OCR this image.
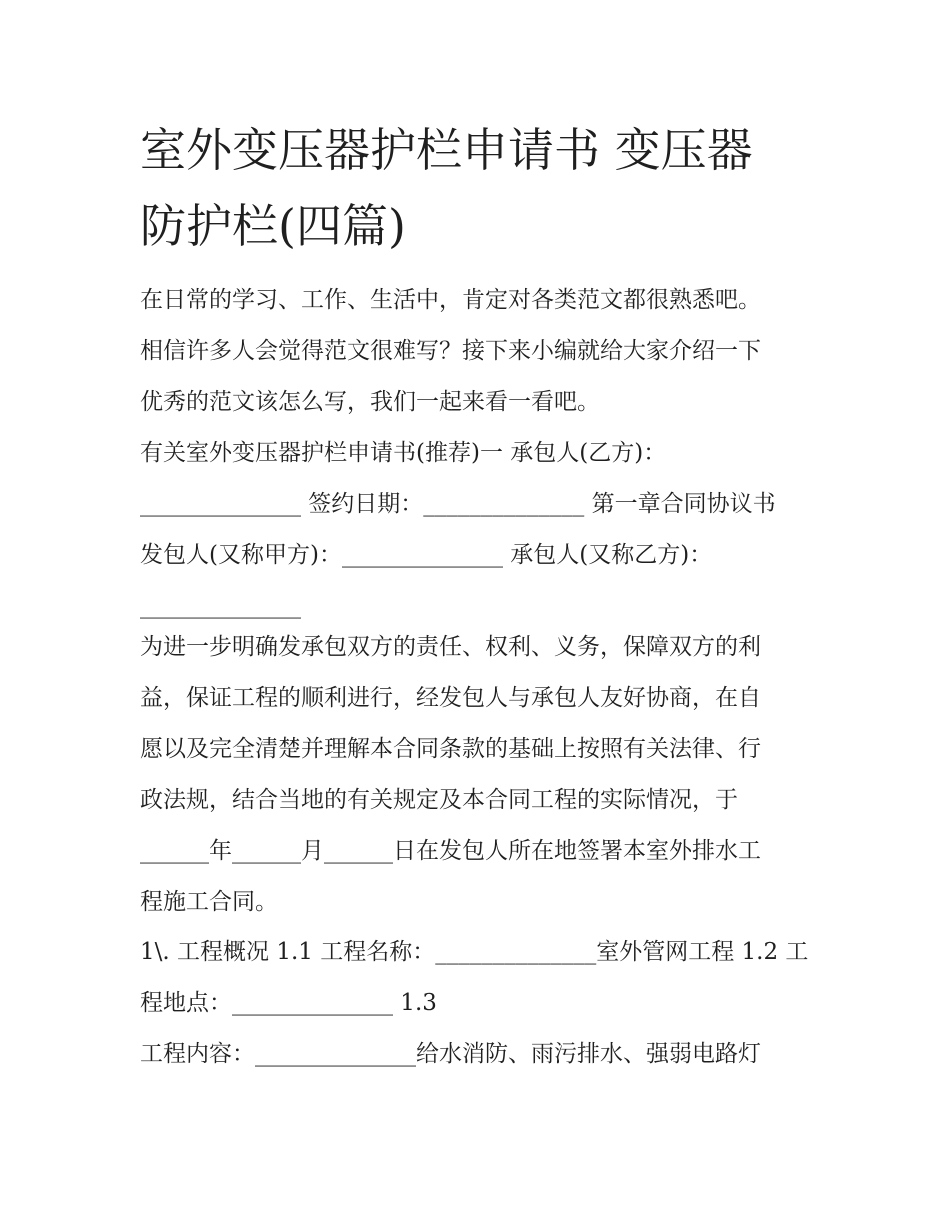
室外变压器护栏申请书 变压器
防护栏(四篇)

在日常的学习、工作、生活中，肯定对各类范文都很熟悉吧。
相信许多人会觉得范文很难写？接下来小编就给大家介绍一下
优秀的范文该怎么写，我们一起来看一看吧。

有关室外变压器护栏申请书(推荐)一 承包人(乙方)：
______________ 签约日期：______________ 第一章合同协议书
发包人(又称甲方)：______________ 承包人(又称乙方)：
______________

为进一步明确发承包双方的责任、权利、义务，保障双方的利
益，保证工程的顺利进行，经发包人与承包人友好协商，在自
愿以及完全清楚并理解本合同条款的基础上按照有关法律、行
政法规，结合当地的有关规定及本合同工程的实际情况，于
______年______月______日在发包人所在地签署本室外排水工
程施工合同。

1\. 工程概况 1.1 工程名称：______________室外管网工程 1.2 工
程地点：______________ 1.3

工程内容：______________给水消防、雨污排水、强弱电路灯
